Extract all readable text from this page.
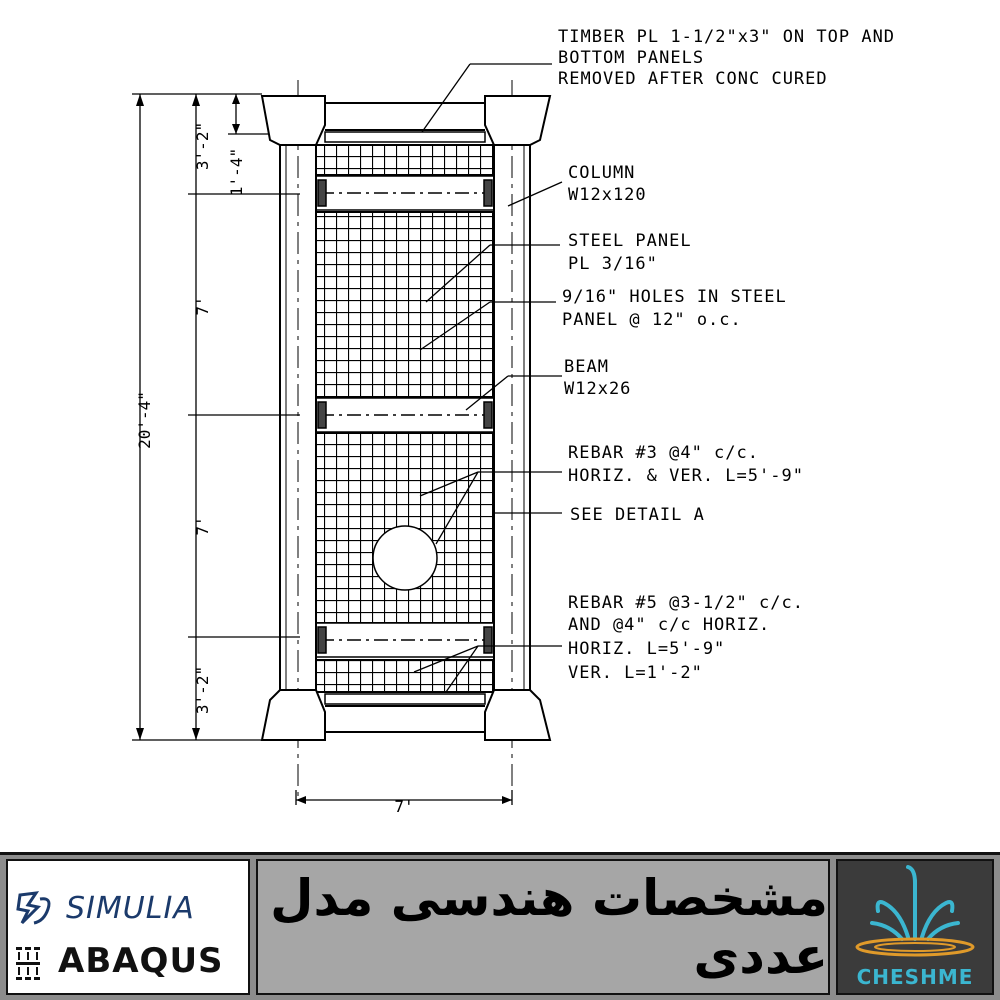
20'-4"
3'-2"
1'-4"
7'
7'
3'-2"
7'
TIMBER PL 1-1/2"x3" ON TOP AND
BOTTOM PANELS
REMOVED AFTER CONC CURED
COLUMN
W12x120
STEEL PANEL
PL 3/16"
9/16" HOLES IN STEEL
PANEL @ 12" o.c.
BEAM
W12x26
REBAR #3 @4" c/c.
HORIZ. & VER. L=5'-9"
SEE DETAIL A
REBAR #5 @3-1/2" c/c.
AND @4" c/c HORIZ.
HORIZ. L=5'-9"
VER. L=1'-2"
SIMULIA
ABAQUS
مشخصات هندسی مدل عددی	CHESHME
